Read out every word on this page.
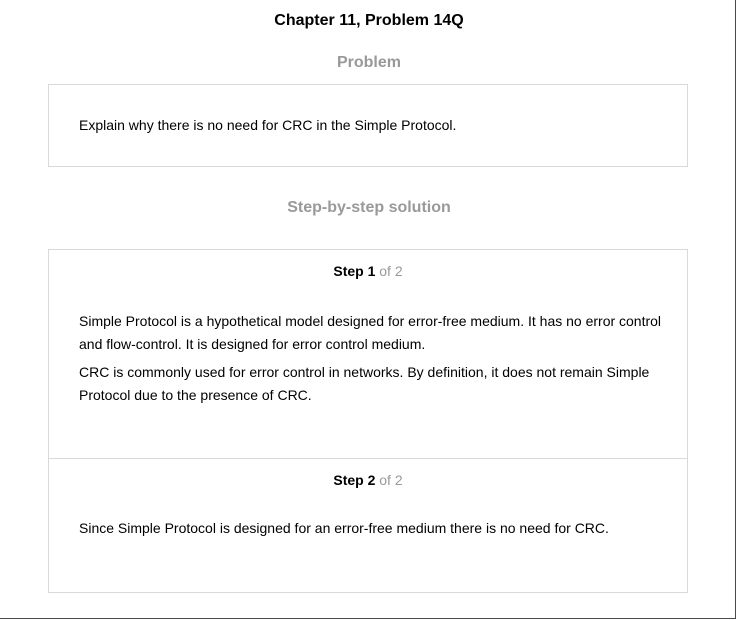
Chapter 11, Problem 14Q
Problem
Explain why there is no need for CRC in the Simple Protocol.
Step-by-step solution
Step 1 of 2

Simple Protocol is a hypothetical model designed for error-free medium. It has no error control and flow-control. It is designed for error control medium.

CRC is commonly used for error control in networks. By definition, it does not remain Simple Protocol due to the presence of CRC.

Step 2 of 2

Since Simple Protocol is designed for an error-free medium there is no need for CRC.
